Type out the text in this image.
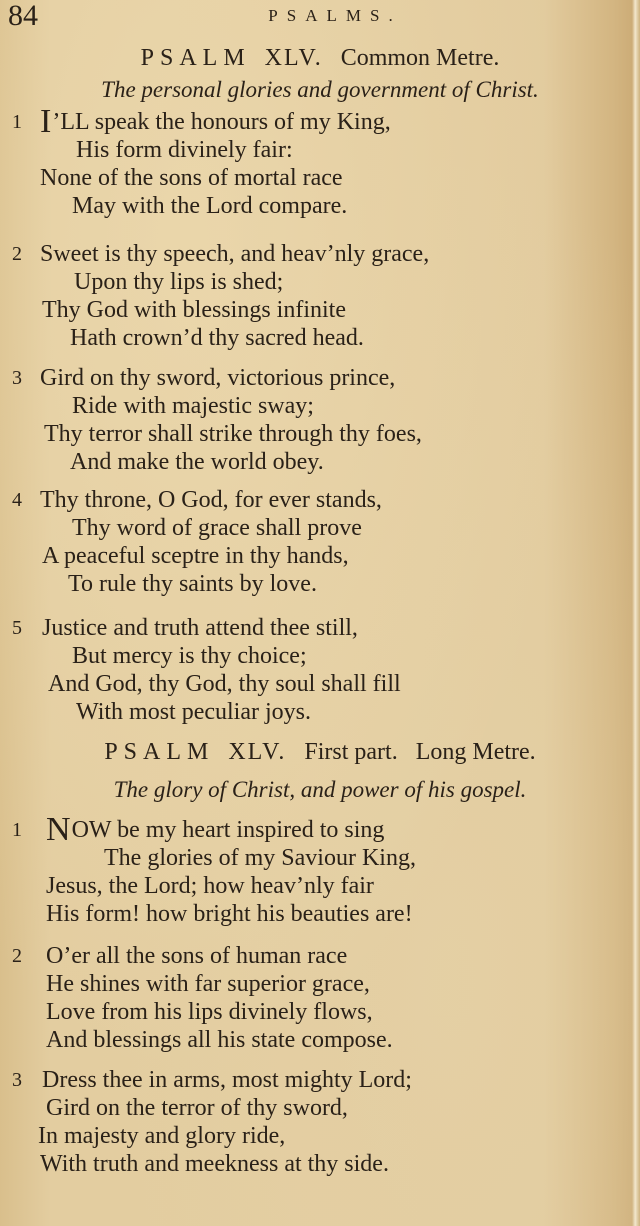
84	PSALMS.
PSALM XLV. Common Metre.
The personal glories and government of Christ.
1 I’LL speak the honours of my King,
His form divinely fair:
None of the sons of mortal race
May with the Lord compare.
2 Sweet is thy speech, and heav’nly grace,
Upon thy lips is shed;
Thy God with blessings infinite
Hath crown’d thy sacred head.
3 Gird on thy sword, victorious prince,
Ride with majestic sway;
Thy terror shall strike through thy foes,
And make the world obey.
4 Thy throne, O God, for ever stands,
Thy word of grace shall prove
A peaceful sceptre in thy hands,
To rule thy saints by love.
5 Justice and truth attend thee still,
But mercy is thy choice;
And God, thy God, thy soul shall fill
With most peculiar joys.
PSALM XLV. First part.   Long Metre.
The glory of Christ, and power of his gospel.
1 NOW be my heart inspired to sing
The glories of my Saviour King,
Jesus, the Lord; how heav’nly fair
His form! how bright his beauties are!
2 O’er all the sons of human race
He shines with far superior grace,
Love from his lips divinely flows,
And blessings all his state compose.
3 Dress thee in arms, most mighty Lord;
Gird on the terror of thy sword,
In majesty and glory ride,
With truth and meekness at thy side.
